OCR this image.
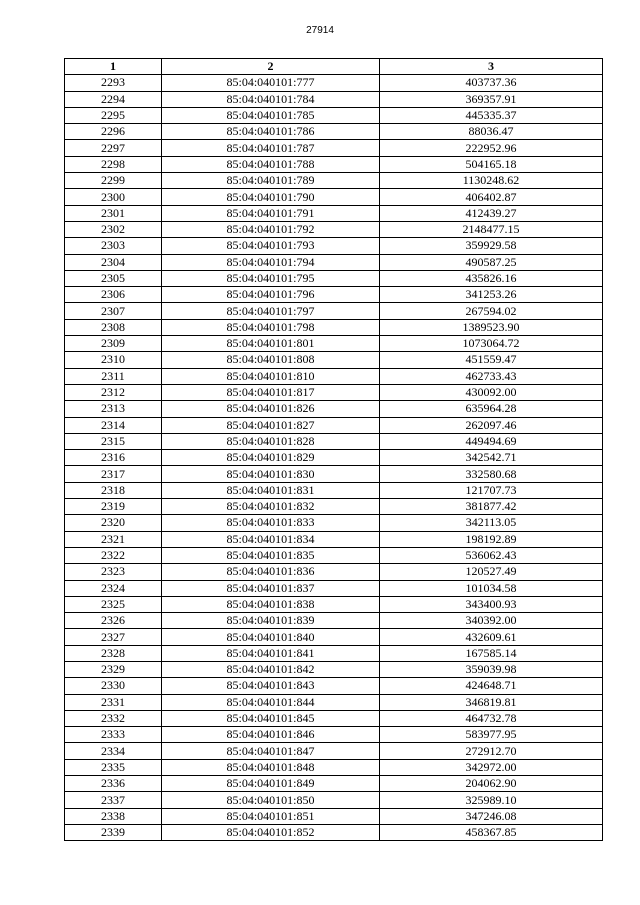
27914
1	2	3
2293	85:04:040101:777	403737.36
2294	85:04:040101:784	369357.91
2295	85:04:040101:785	445335.37
2296	85:04:040101:786	88036.47
2297	85:04:040101:787	222952.96
2298	85:04:040101:788	504165.18
2299	85:04:040101:789	1130248.62
2300	85:04:040101:790	406402.87
2301	85:04:040101:791	412439.27
2302	85:04:040101:792	2148477.15
2303	85:04:040101:793	359929.58
2304	85:04:040101:794	490587.25
2305	85:04:040101:795	435826.16
2306	85:04:040101:796	341253.26
2307	85:04:040101:797	267594.02
2308	85:04:040101:798	1389523.90
2309	85:04:040101:801	1073064.72
2310	85:04:040101:808	451559.47
2311	85:04:040101:810	462733.43
2312	85:04:040101:817	430092.00
2313	85:04:040101:826	635964.28
2314	85:04:040101:827	262097.46
2315	85:04:040101:828	449494.69
2316	85:04:040101:829	342542.71
2317	85:04:040101:830	332580.68
2318	85:04:040101:831	121707.73
2319	85:04:040101:832	381877.42
2320	85:04:040101:833	342113.05
2321	85:04:040101:834	198192.89
2322	85:04:040101:835	536062.43
2323	85:04:040101:836	120527.49
2324	85:04:040101:837	101034.58
2325	85:04:040101:838	343400.93
2326	85:04:040101:839	340392.00
2327	85:04:040101:840	432609.61
2328	85:04:040101:841	167585.14
2329	85:04:040101:842	359039.98
2330	85:04:040101:843	424648.71
2331	85:04:040101:844	346819.81
2332	85:04:040101:845	464732.78
2333	85:04:040101:846	583977.95
2334	85:04:040101:847	272912.70
2335	85:04:040101:848	342972.00
2336	85:04:040101:849	204062.90
2337	85:04:040101:850	325989.10
2338	85:04:040101:851	347246.08
2339	85:04:040101:852	458367.85
